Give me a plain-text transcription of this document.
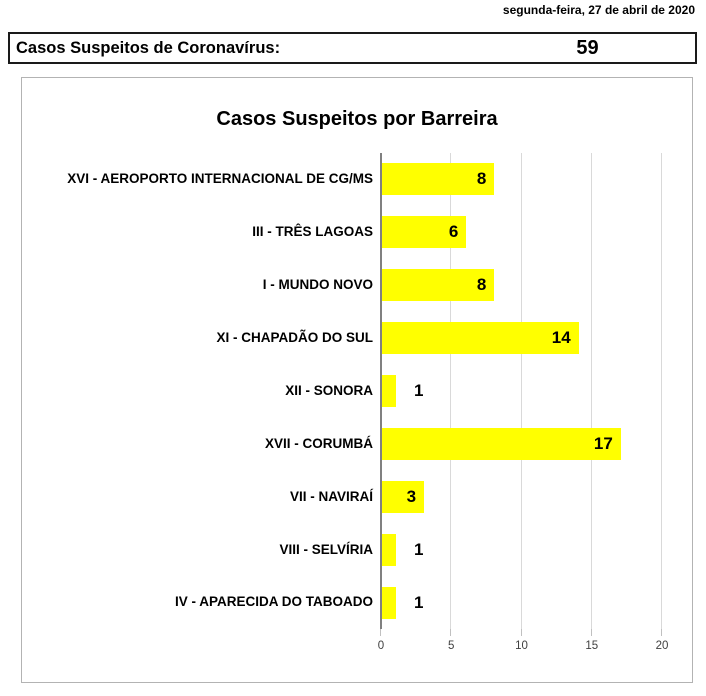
segunda-feira, 27 de abril de 2020
Casos Suspeitos de Coronavírus:	59
Casos Suspeitos por Barreira
0	5	10	15	20
XVI - AEROPORTO INTERNACIONAL DE CG/MS	8
III - TRÊS LAGOAS	6
I - MUNDO NOVO	8
XI - CHAPADÃO DO SUL	14
XII - SONORA	1
XVII - CORUMBÁ	17
VII - NAVIRAÍ	3
VIII - SELVÍRIA	1
IV - APARECIDA DO TABOADO	1
